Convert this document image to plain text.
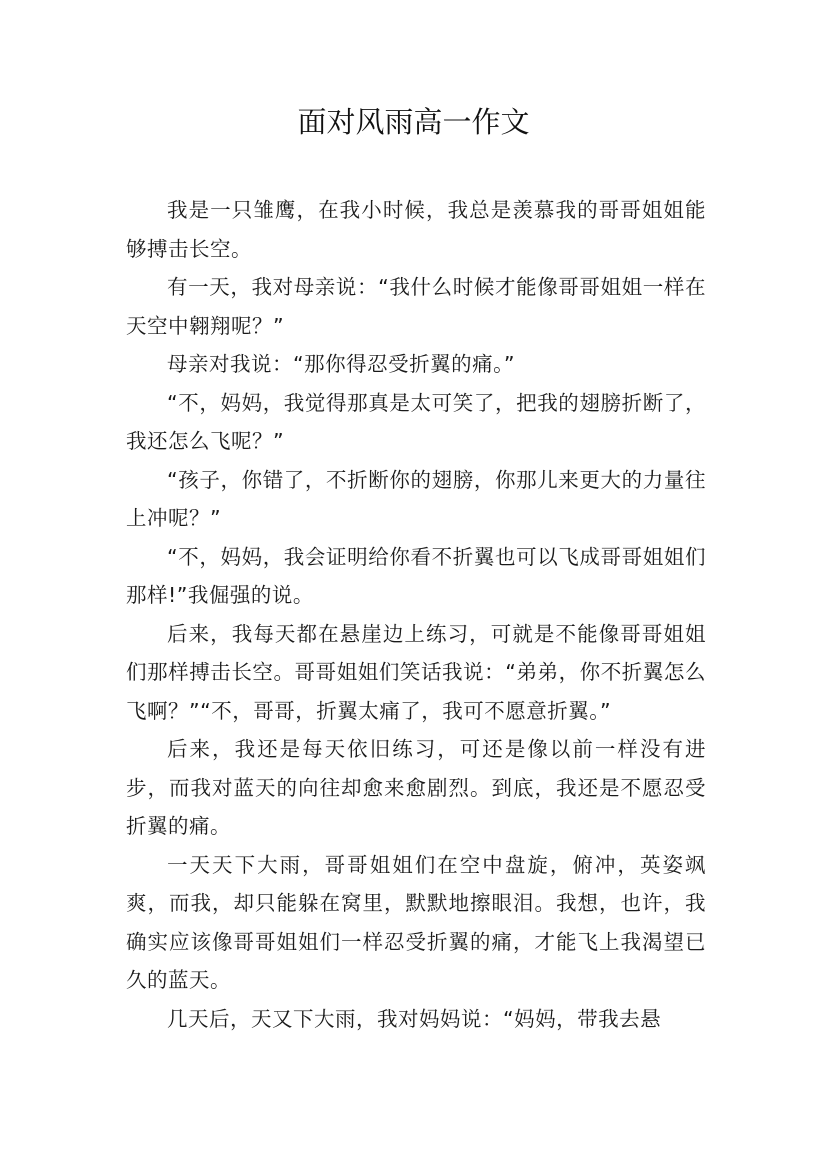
面对风雨高一作文

我是一只雏鹰，在我小时候，我总是羡慕我的哥哥姐姐能够搏击长空。

有一天，我对母亲说：“我什么时候才能像哥哥姐姐一样在天空中翱翔呢？”

母亲对我说：“那你得忍受折翼的痛。”

“不，妈妈，我觉得那真是太可笑了，把我的翅膀折断了，我还怎么飞呢？”

“孩子，你错了，不折断你的翅膀，你那儿来更大的力量往上冲呢？”

“不，妈妈，我会证明给你看不折翼也可以飞成哥哥姐姐们那样!”我倔强的说。

后来，我每天都在悬崖边上练习，可就是不能像哥哥姐姐们那样搏击长空。哥哥姐姐们笑话我说：“弟弟，你不折翼怎么飞啊？”“不，哥哥，折翼太痛了，我可不愿意折翼。”

后来，我还是每天依旧练习，可还是像以前一样没有进步，而我对蓝天的向往却愈来愈剧烈。到底，我还是不愿忍受折翼的痛。

一天天下大雨，哥哥姐姐们在空中盘旋，俯冲，英姿飒爽，而我，却只能躲在窝里，默默地擦眼泪。我想，也许，我确实应该像哥哥姐姐们一样忍受折翼的痛，才能飞上我渴望已久的蓝天。

几天后，天又下大雨，我对妈妈说：“妈妈，带我去悬
